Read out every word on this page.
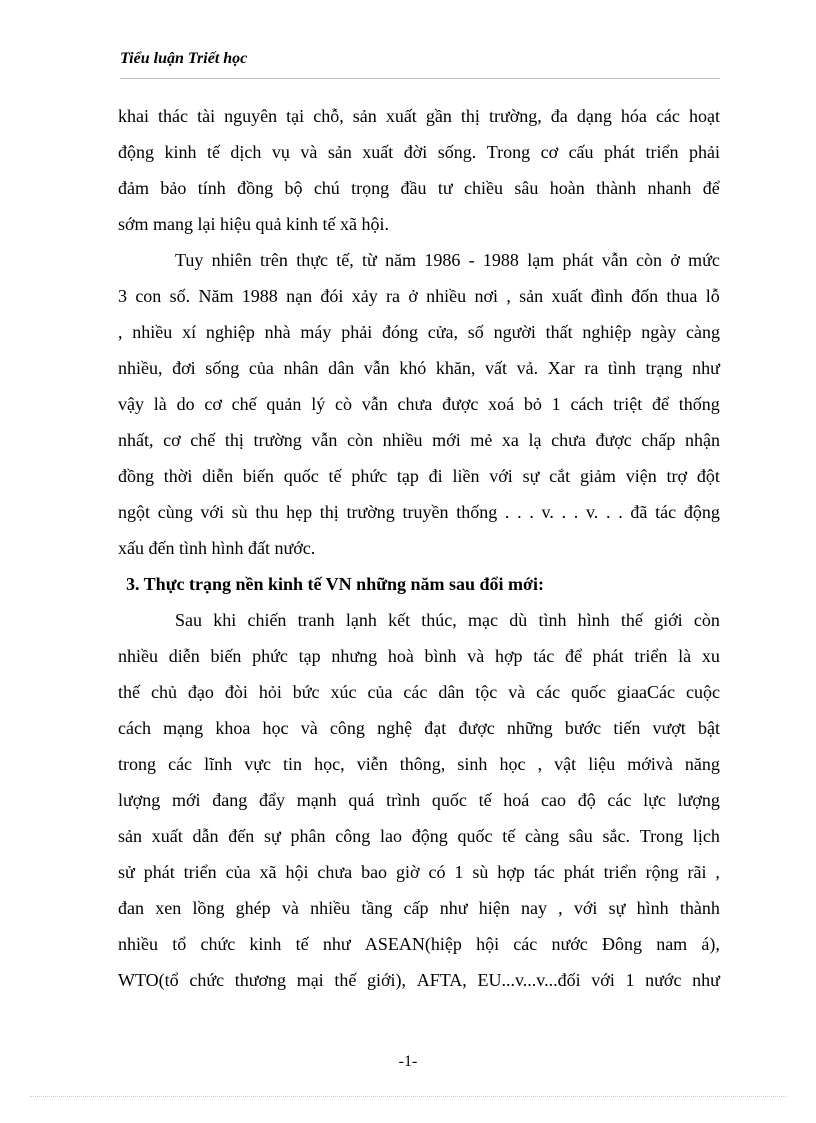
Tiểu luận Triết học
khai thác tài nguyên tại chỗ, sản xuất gần thị trường, đa dạng hóa các hoạt
động kinh tế dịch vụ và sản xuất đời sống. Trong cơ cấu phát triển phải
đảm bảo tính đồng bộ chú trọng đầu tư chiều sâu hoàn thành nhanh để
sớm mang lại hiệu quả kinh tế xã hội.
Tuy nhiên trên thực tế, từ năm 1986 - 1988 lạm phát vẫn còn ở mức
3 con số. Năm 1988 nạn đói xảy ra ở nhiều nơi , sản xuất đình đốn thua lỗ
, nhiều xí nghiệp nhà máy phải đóng cửa, số người thất nghiệp ngày càng
nhiều, đơi sống của nhân dân vẫn khó khăn, vất vả. Xar ra tình trạng như
vậy là do cơ chế quản lý cò vẫn chưa được xoá bỏ 1 cách triệt để thống
nhất, cơ chế thị trường vẫn còn nhiều mới mẻ xa lạ chưa được chấp nhận
đồng thời diễn biến quốc tế phức tạp đi liền với sự cắt giảm viện trợ đột
ngột cùng với sù thu hẹp thị trường truyền thống . . . v. . . v. . . đã tác động
xấu đến tình hình đất nước.
3. Thực trạng nền kinh tế VN những năm sau đổi mới:
Sau khi chiến tranh lạnh kết thúc, mạc dù tình hình thế giới còn
nhiều diễn biến phức tạp nhưng hoà bình và hợp tác để phát triển là xu
thế chủ đạo đòi hỏi bức xúc của các dân tộc và các quốc giaaCác cuộc
cách mạng khoa học và công nghệ đạt được những bước tiến vượt bật
trong các lĩnh vực tin học, viễn thông, sinh học , vật liệu mớivà năng
lượng mới đang đẩy mạnh quá trình quốc tế hoá cao độ các lực lượng
sản xuất dẫn đến sự phân công lao động quốc tế càng sâu sắc. Trong lịch
sử phát triển của xã hội chưa bao giờ có 1 sù hợp tác phát triển rộng rãi ,
đan xen lồng ghép và nhiều tầng cấp như hiện nay , với sự hình thành
nhiều tổ chức kinh tế như ASEAN(hiệp hội các nước Đông nam á),
WTO(tổ chức thương mại thế giới), AFTA, EU...v...v...đối với 1 nước như
-1-
